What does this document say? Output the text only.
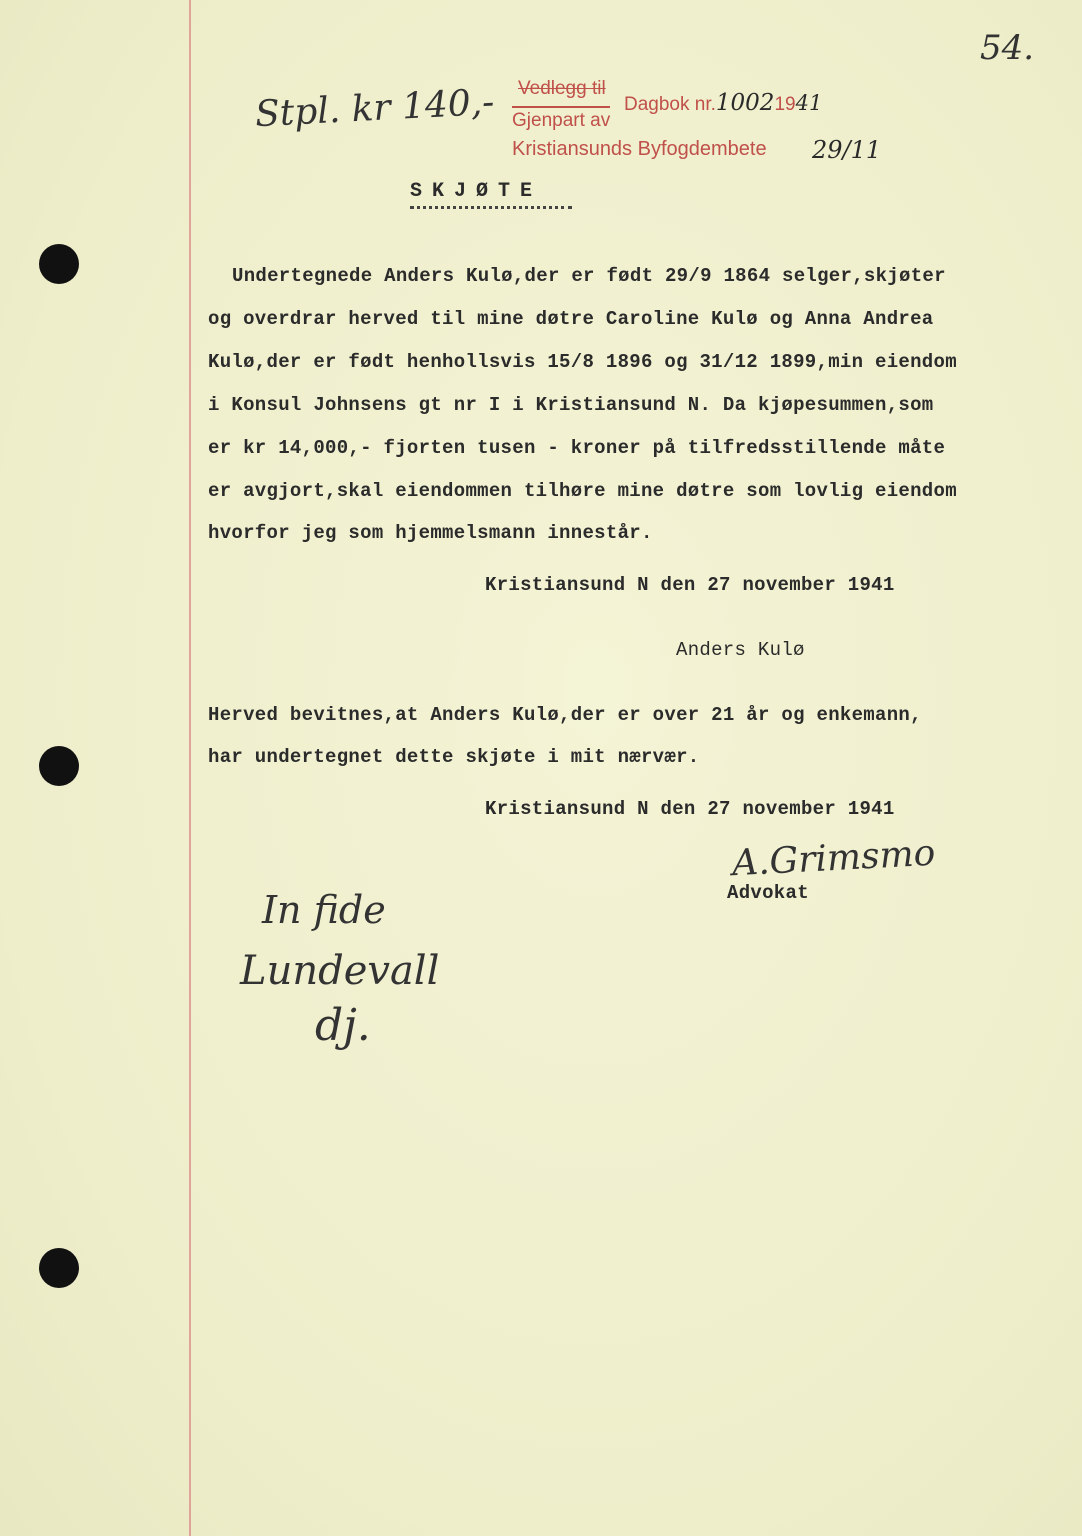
54.
Stpl. kr 140,- Vedlegg til
Gjenpart av
Dagbok nr.10021941
Kristiansunds Byfogdembete 29/11
SKJØTE
Undertegnede Anders Kulø,der er født 29/9 1864 selger,skjøter
og overdrar herved til mine døtre Caroline Kulø og Anna Andrea
Kulø,der er født henhollsvis 15/8 1896 og 31/12 1899,min eiendom
i Konsul Johnsens gt nr I i Kristiansund N. Da kjøpesummen,som
er kr 14,000,- fjorten tusen - kroner på tilfredsstillende måte
er avgjort,skal eiendommen tilhøre mine døtre som lovlig eiendom
hvorfor jeg som hjemmelsmann innestår.
Kristiansund N den 27 november 1941
Anders Kulø
Herved bevitnes,at Anders Kulø,der er over 21 år og enkemann,
har undertegnet dette skjøte i mit nærvær.
Kristiansund N den 27 november 1941
A.Grimsmo
Advokat
In fide
Lundevall
dj.
